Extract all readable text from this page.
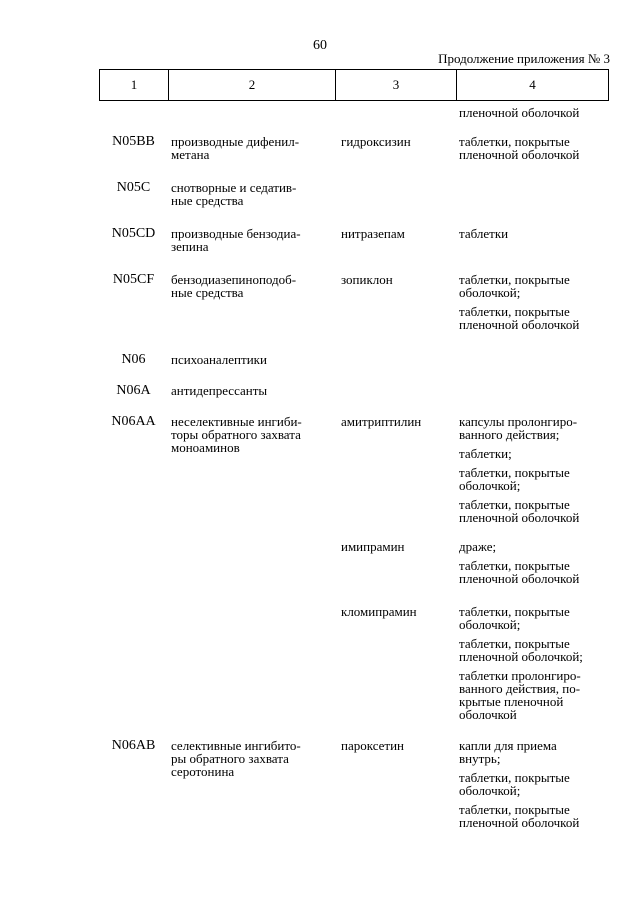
60
Продолжение приложения № 3
1	2	3	4
пленочной оболочкой
N05BB	производные дифенил-
метана
гидроксизин	таблетки, покрытые
пленочной оболочкой
N05C	снотворные и седатив-
ные средства
N05CD	производные бензодиа-
зепина
нитразепам	таблетки
N05CF	бензодиазепиноподоб-
ные средства
зопиклон	таблетки, покрытые
оболочкой;
таблетки, покрытые
пленочной оболочкой
N06	психоаналептики
N06A	антидепрессанты
N06AA	неселективные ингиби-
торы обратного захвата
моноаминов
амитриптилин	капсулы пролонгиро-
ванного действия;
таблетки;
таблетки, покрытые
оболочкой;
таблетки, покрытые
пленочной оболочкой
имипрамин	драже;
таблетки, покрытые
пленочной оболочкой
кломипрамин	таблетки, покрытые
оболочкой;
таблетки, покрытые
пленочной оболочкой;
таблетки пролонгиро-
ванного действия, по-
крытые пленочной
оболочкой
N06AB	селективные ингибито-
ры обратного захвата
серотонина
пароксетин	капли для приема
внутрь;
таблетки, покрытые
оболочкой;
таблетки, покрытые
пленочной оболочкой
